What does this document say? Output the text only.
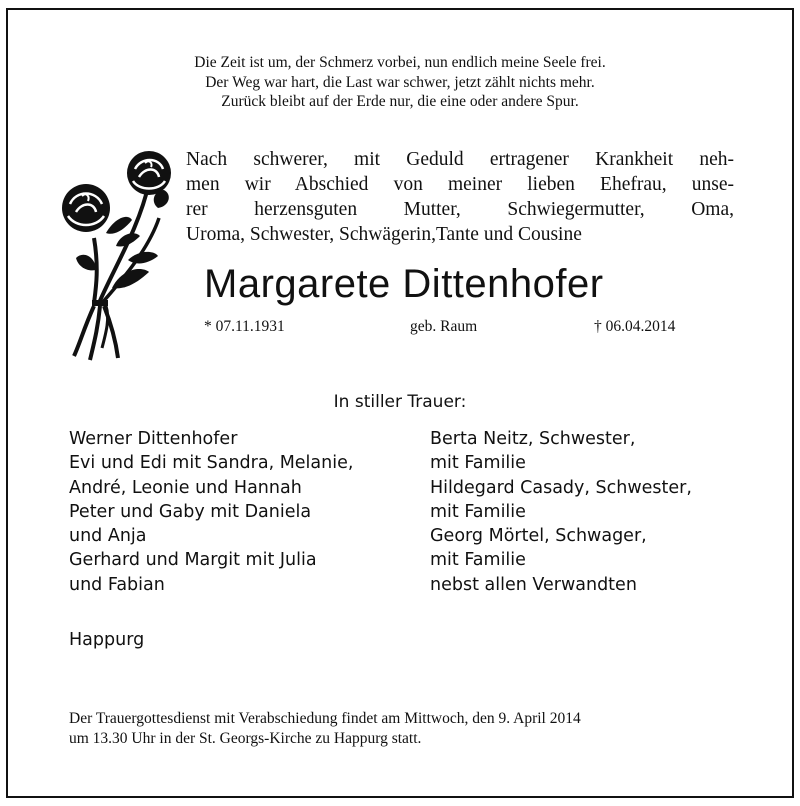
Die Zeit ist um, der Schmerz vorbei, nun endlich meine Seele frei.
Der Weg war hart, die Last war schwer, jetzt zählt nichts mehr.
Zurück bleibt auf der Erde nur, die eine oder andere Spur.
Nach schwerer, mit Geduld ertragener Krankheit neh-
men wir Abschied von meiner lieben Ehefrau, unse-
rer herzensguten Mutter, Schwiegermutter, Oma,
Uroma, Schwester, Schwägerin,Tante und Cousine
Margarete Dittenhofer
* 07.11.1931	geb. Raum	† 06.04.2014
In stiller Trauer:
Werner Dittenhofer
Evi und Edi mit Sandra, Melanie,
André, Leonie und Hannah
Peter und Gaby mit Daniela
und Anja
Gerhard und Margit mit Julia
und Fabian
Berta Neitz, Schwester,
mit Familie
Hildegard Casady, Schwester,
mit Familie
Georg Mörtel, Schwager,
mit Familie
nebst allen Verwandten
Happurg
Der Trauergottesdienst mit Verabschiedung findet am Mittwoch, den 9. April 2014
um 13.30 Uhr in der St. Georgs-Kirche zu Happurg statt.
